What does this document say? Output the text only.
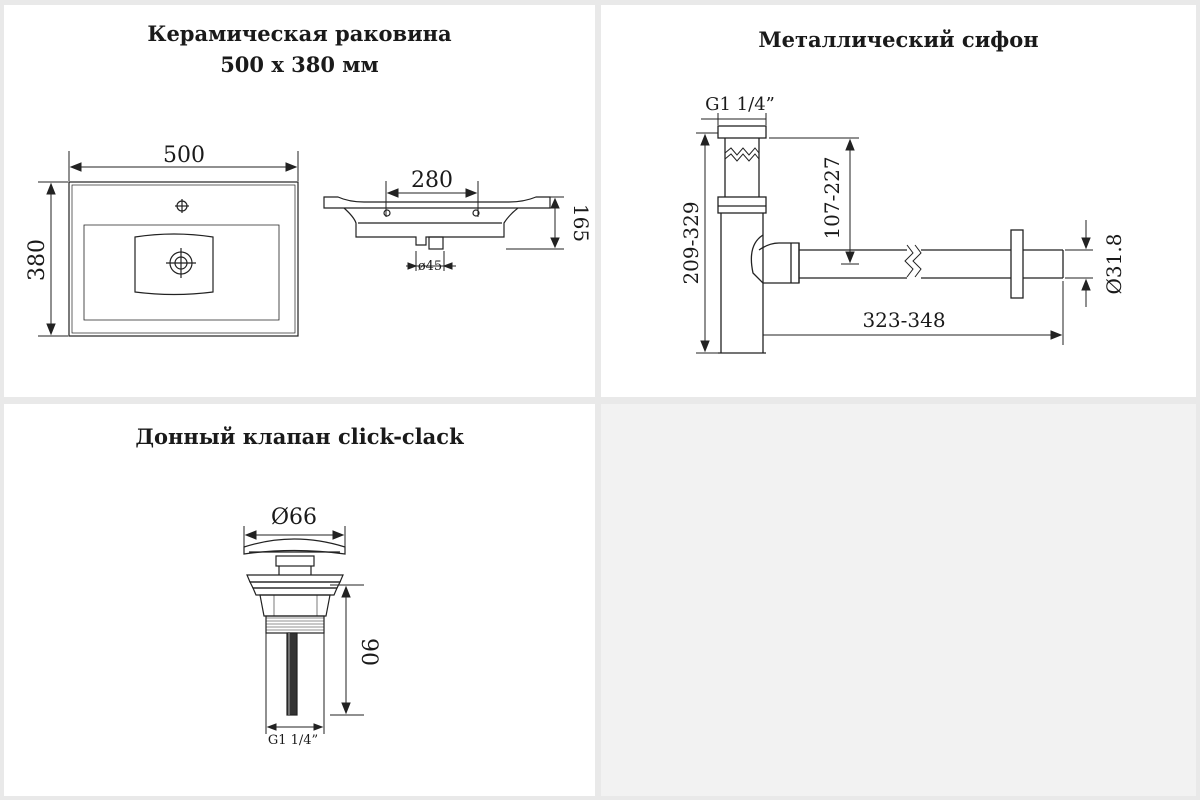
Керамическая раковина
500 х 380 мм
500
380
280
165
ø45
Металлический сифон
G1 1/4”
209-329
107-227
323-348
Ø31.8
Донный клапан click-clack
Ø66
90
G1 1/4”
